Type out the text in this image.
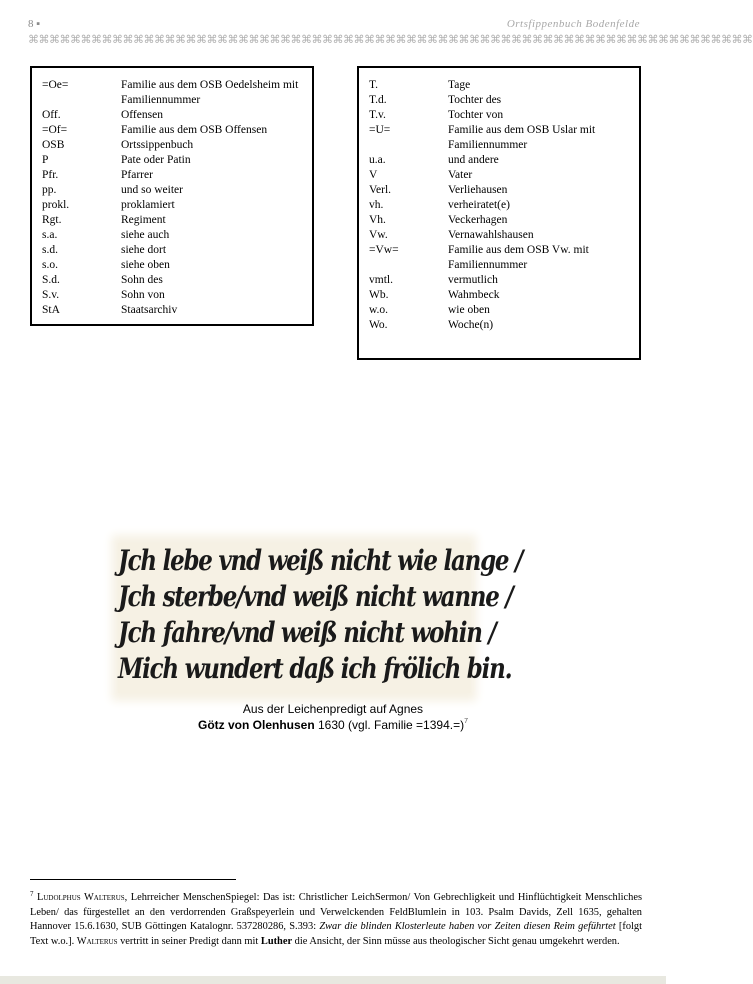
8 ▪	Ortsfippenbuch Bodenfelde
⌘⌘⌘⌘⌘⌘⌘⌘⌘⌘⌘⌘⌘⌘⌘⌘⌘⌘⌘⌘⌘⌘⌘⌘⌘⌘⌘⌘⌘⌘⌘⌘⌘⌘⌘⌘⌘⌘⌘⌘⌘⌘⌘⌘⌘⌘⌘⌘⌘⌘⌘⌘⌘⌘⌘⌘⌘⌘⌘⌘⌘⌘⌘⌘⌘⌘⌘⌘⌘
=Oe=	Familie aus dem OSB Oedelsheim mit Familiennummer
Off.	Offensen
=Of=	Familie aus dem OSB Offensen
OSB	Ortssippenbuch
P	Pate oder Patin
Pfr.	Pfarrer
pp.	und so weiter
prokl.	proklamiert
Rgt.	Regiment
s.a.	siehe auch
s.d.	siehe dort
s.o.	siehe oben
S.d.	Sohn des
S.v.	Sohn von
StA	Staatsarchiv
T.	Tage
T.d.	Tochter des
T.v.	Tochter von
=U=	Familie aus dem OSB Uslar mit Familiennummer
u.a.	und andere
V	Vater
Verl.	Verliehausen
vh.	verheiratet(e)
Vh.	Veckerhagen
Vw.	Vernawahlshausen
=Vw=	Familie aus dem OSB Vw. mit Familiennummer
vmtl.	vermutlich
Wb.	Wahmbeck
w.o.	wie oben
Wo.	Woche(n)
Jch lebe vnd weiß nicht wie lange /
Jch sterbe/vnd weiß nicht wanne /
Jch fahre/vnd weiß nicht wohin /
Mich wundert daß ich frölich bin.
Aus der Leichenpredigt auf Agnes
Götz von Olenhusen 1630 (vgl. Familie =1394.=)$^7$
$^7$ Ludolphus Walterus, Lehrreicher MenschenSpiegel: Das ist: Christlicher LeichSermon/ Von Gebrechligkeit und Hinflüchtigkeit Menschliches Leben/ das fürgestellet an den verdorrenden Graßspeyerlein und Verwelckenden FeldBlumlein in 103. Psalm Davids, Zell 1635, gehalten Hannover 15.6.1630, SUB Göttingen Katalognr. 537280286, S.393: Zwar die blinden Klosterleute haben vor Zeiten diesen Reim geführtet [folgt Text w.o.]. Walterus vertritt in seiner Predigt dann mit Luther die Ansicht, der Sinn müsse aus theologischer Sicht genau umgekehrt werden.
